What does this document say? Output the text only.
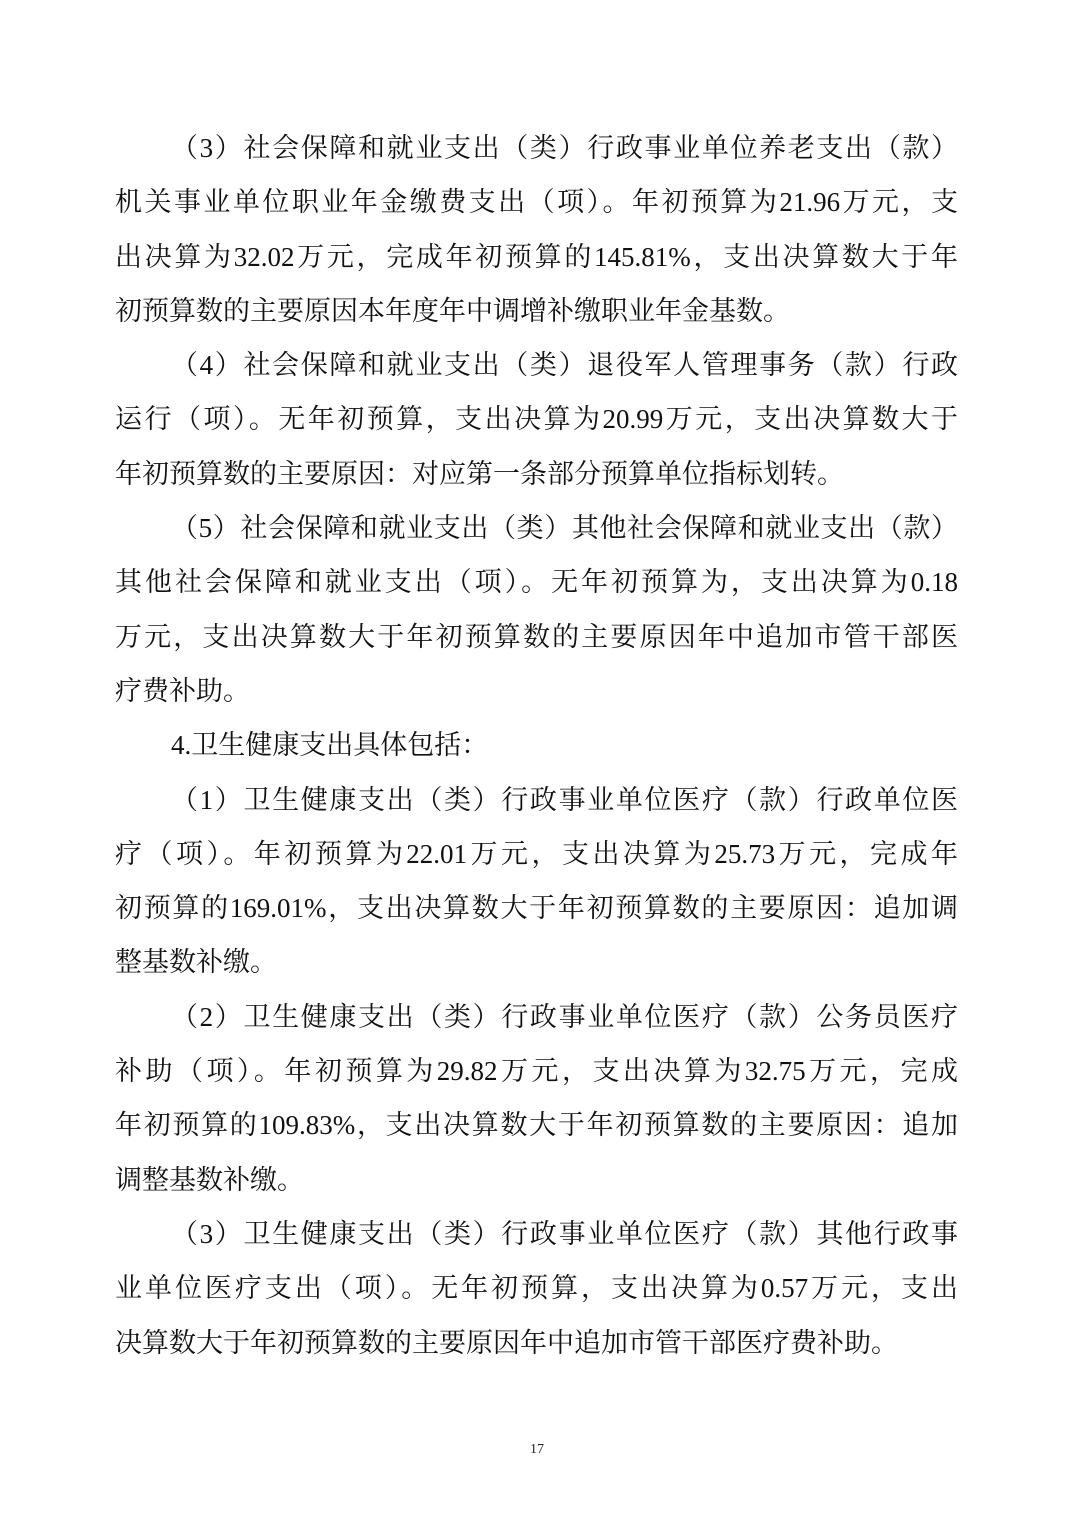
（3）社会保障和就业支出（类）行政事业单位养老支出（款）
机关事业单位职业年金缴费支出（项）。年初预算为21.96万元，支
出决算为32.02万元，完成年初预算的145.81%，支出决算数大于年
初预算数的主要原因本年度年中调增补缴职业年金基数。
（4）社会保障和就业支出（类）退役军人管理事务（款）行政
运行（项）。无年初预算，支出决算为20.99万元，支出决算数大于
年初预算数的主要原因：对应第一条部分预算单位指标划转。
（5）社会保障和就业支出（类）其他社会保障和就业支出（款）
其他社会保障和就业支出（项）。无年初预算为，支出决算为0.18
万元，支出决算数大于年初预算数的主要原因年中追加市管干部医
疗费补助。
4.卫生健康支出具体包括：
（1）卫生健康支出（类）行政事业单位医疗（款）行政单位医
疗（项）。年初预算为22.01万元，支出决算为25.73万元，完成年
初预算的169.01%，支出决算数大于年初预算数的主要原因：追加调
整基数补缴。
（2）卫生健康支出（类）行政事业单位医疗（款）公务员医疗
补助（项）。年初预算为29.82万元，支出决算为32.75万元，完成
年初预算的109.83%，支出决算数大于年初预算数的主要原因：追加
调整基数补缴。
（3）卫生健康支出（类）行政事业单位医疗（款）其他行政事
业单位医疗支出（项）。无年初预算，支出决算为0.57万元，支出
决算数大于年初预算数的主要原因年中追加市管干部医疗费补助。
17
